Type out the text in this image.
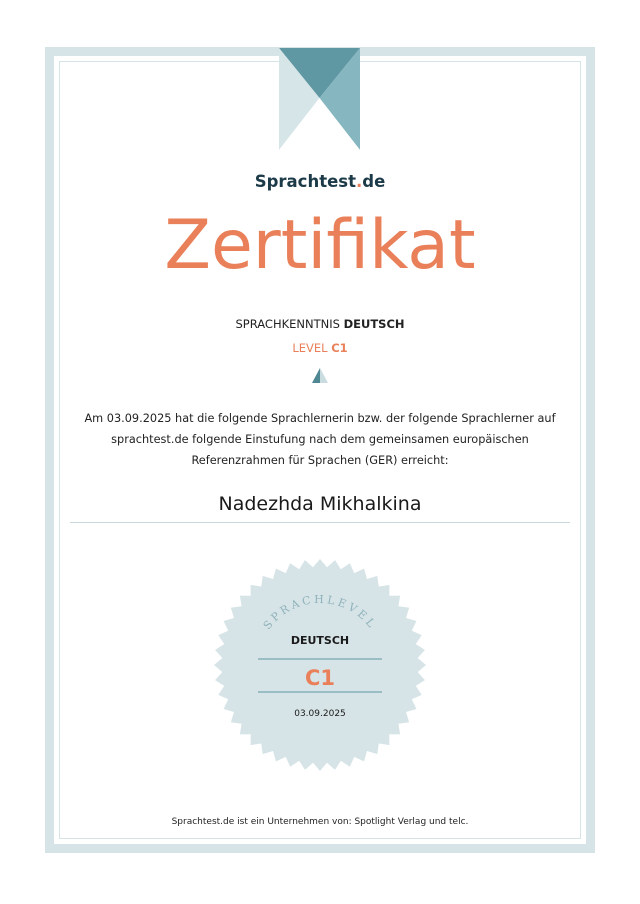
Sprachtest.de
Zertifikat
SPRACHKENNTNIS DEUTSCH
LEVEL C1
Am 03.09.2025 hat die folgende Sprachlernerin bzw. der folgende Sprachlerner auf
sprachtest.de folgende Einstufung nach dem gemeinsamen europäischen
Referenzrahmen für Sprachen (GER) erreicht:
Nadezhda Mikhalkina
SPRACHLEVEL
DEUTSCH
C1
03.09.2025
Sprachtest.de ist ein Unternehmen von: Spotlight Verlag und telc.
